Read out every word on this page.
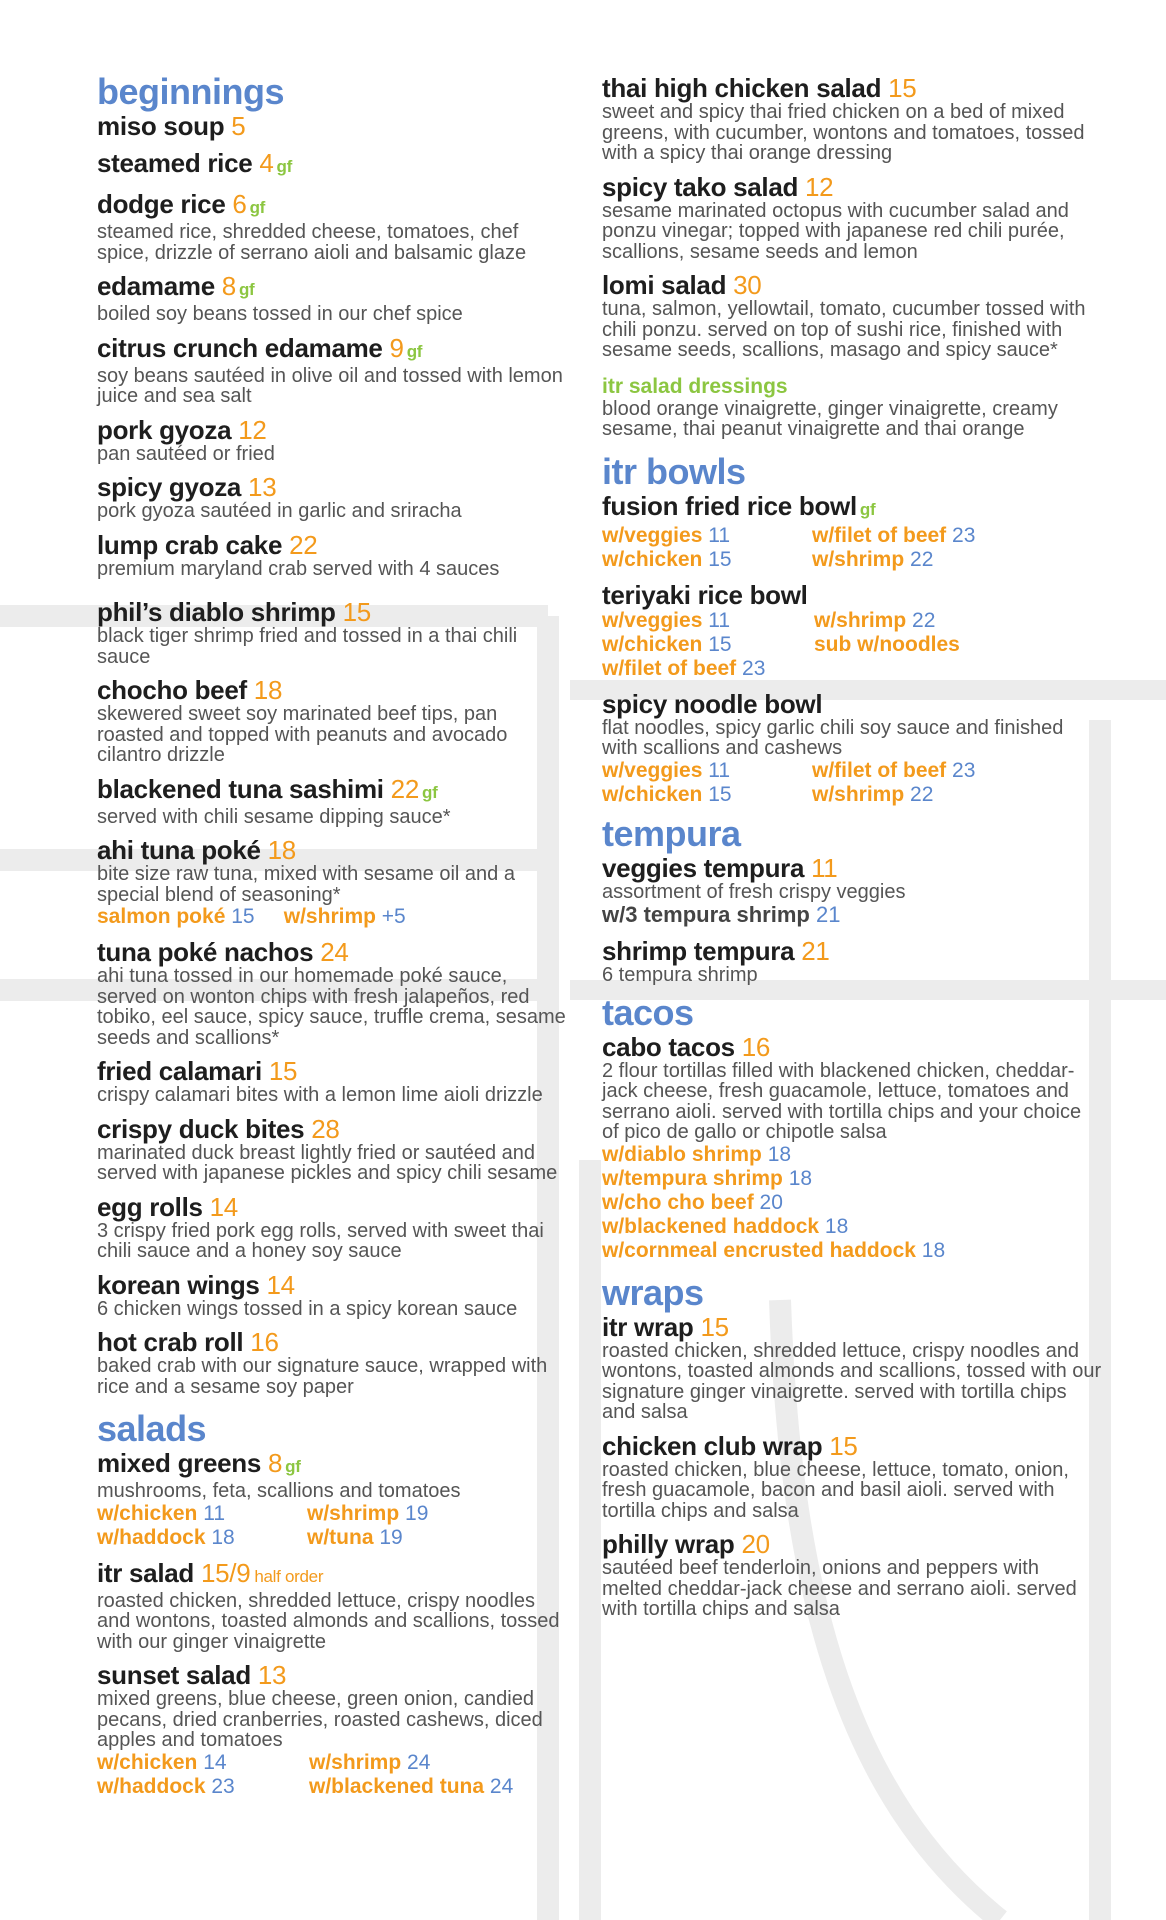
beginnings
miso soup 5
steamed rice 4 gf
dodge rice 6 gf
steamed rice, shredded cheese, tomatoes, chef spice, drizzle of serrano aioli and balsamic glaze
edamame 8 gf
boiled soy beans tossed in our chef spice
citrus crunch edamame 9 gf
soy beans sautéed in olive oil and tossed with lemon juice and sea salt
pork gyoza 12
pan sautéed or fried
spicy gyoza 13
pork gyoza sautéed in garlic and sriracha
lump crab cake 22
premium maryland crab served with 4 sauces
phil’s diablo shrimp 15
black tiger shrimp fried and tossed in a thai chili sauce
chocho beef 18
skewered sweet soy marinated beef tips, pan roasted and topped with peanuts and avocado cilantro drizzle
blackened tuna sashimi 22 gf
served with chili sesame dipping sauce*
ahi tuna poké 18
bite size raw tuna, mixed with sesame oil and a special blend of seasoning*
salmon poké 15 w/shrimp +5
tuna poké nachos 24
ahi tuna tossed in our homemade poké sauce, served on wonton chips with fresh jalapeños, red tobiko, eel sauce, spicy sauce, truffle crema, sesame seeds and scallions*
fried calamari 15
crispy calamari bites with a lemon lime aioli drizzle
crispy duck bites 28
marinated duck breast lightly fried or sautéed and served with japanese pickles and spicy chili sesame
egg rolls 14
3 crispy fried pork egg rolls, served with sweet thai chili sauce and a honey soy sauce
korean wings 14
6 chicken wings tossed in a spicy korean sauce
hot crab roll 16
baked crab with our signature sauce, wrapped with rice and a sesame soy paper
salads
mixed greens 8 gf
mushrooms, feta, scallions and tomatoes
w/chicken 11	w/shrimp 19
w/haddock 18	w/tuna 19
itr salad 15/9 half order
roasted chicken, shredded lettuce, crispy noodles and wontons, toasted almonds and scallions, tossed with our ginger vinaigrette
sunset salad 13
mixed greens, blue cheese, green onion, candied pecans, dried cranberries, roasted cashews, diced apples and tomatoes
w/chicken 14	w/shrimp 24
w/haddock 23	w/blackened tuna 24
thai high chicken salad 15
sweet and spicy thai fried chicken on a bed of mixed greens, with cucumber, wontons and tomatoes, tossed with a spicy thai orange dressing
spicy tako salad 12
sesame marinated octopus with cucumber salad and ponzu vinegar; topped with japanese red chili purée, scallions, sesame seeds and lemon
lomi salad 30
tuna, salmon, yellowtail, tomato, cucumber tossed with chili ponzu. served on top of sushi rice, finished with sesame seeds, scallions, masago and spicy sauce*
itr salad dressings
blood orange vinaigrette, ginger vinaigrette, creamy sesame, thai peanut vinaigrette and thai orange
itr bowls
fusion fried rice bowl gf
w/veggies 11	w/filet of beef 23
w/chicken 15	w/shrimp 22
teriyaki rice bowl
w/veggies 11	w/shrimp 22
w/chicken 15	sub w/noodles
w/filet of beef 23
spicy noodle bowl
flat noodles, spicy garlic chili soy sauce and finished with scallions and cashews
w/veggies 11	w/filet of beef 23
w/chicken 15	w/shrimp 22
tempura
veggies tempura 11
assortment of fresh crispy veggies
w/3 tempura shrimp 21
shrimp tempura 21
6 tempura shrimp
tacos
cabo tacos 16
2 flour tortillas filled with blackened chicken, cheddar-jack cheese, fresh guacamole, lettuce, tomatoes and serrano aioli. served with tortilla chips and your choice of pico de gallo or chipotle salsa
w/diablo shrimp 18
w/tempura shrimp 18
w/cho cho beef 20
w/blackened haddock 18
w/cornmeal encrusted haddock 18
wraps
itr wrap 15
roasted chicken, shredded lettuce, crispy noodles and wontons, toasted almonds and scallions, tossed with our signature ginger vinaigrette. served with tortilla chips and salsa
chicken club wrap 15
roasted chicken, blue cheese, lettuce, tomato, onion, fresh guacamole, bacon and basil aioli. served with tortilla chips and salsa
philly wrap 20
sautéed beef tenderloin, onions and peppers with melted cheddar-jack cheese and serrano aioli. served with tortilla chips and salsa
